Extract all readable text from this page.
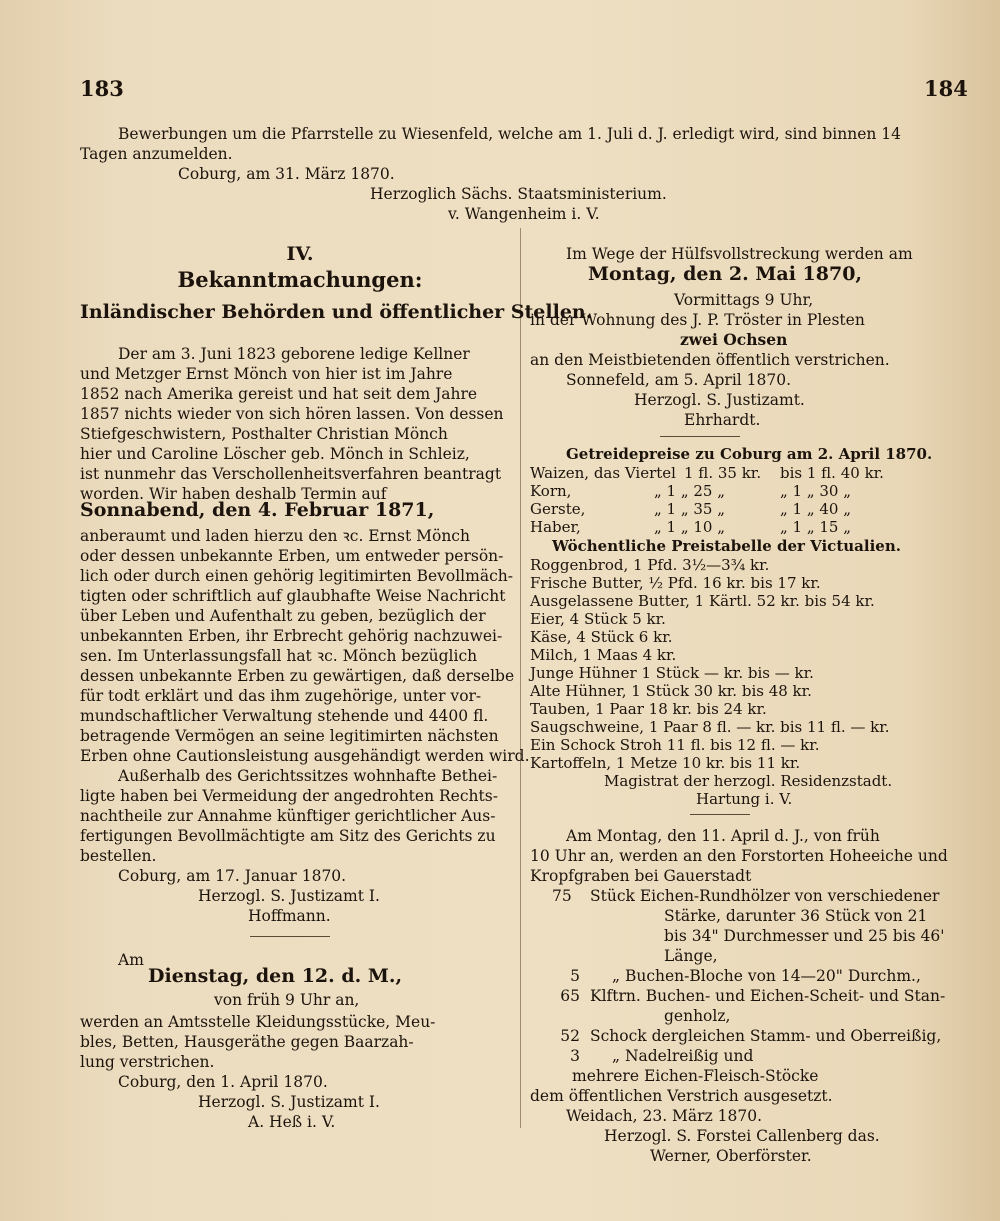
183	184
Bewerbungen um die Pfarrstelle zu Wiesenfeld, welche am 1. Juli d. J. erledigt wird, sind binnen 14
Tagen anzumelden.
Coburg, am 31. März 1870.
Herzoglich Sächs. Staatsministerium.
v. Wangenheim i. V.
IV.
Bekanntmachungen:
Inländischer Behörden und öffentlicher Stellen.
Der am 3. Juni 1823 geborene ledige Kellner
und Metzger Ernst Mönch von hier ist im Jahre
1852 nach Amerika gereist und hat seit dem Jahre
1857 nichts wieder von sich hören lassen. Von dessen
Stiefgeschwistern, Posthalter Christian Mönch
hier und Caroline Löscher geb. Mönch in Schleiz,
ist nunmehr das Verschollenheitsverfahren beantragt
worden. Wir haben deshalb Termin auf
Sonnabend, den 4. Februar 1871,
anberaumt und laden hierzu den ꝛc. Ernst Mönch
oder dessen unbekannte Erben, um entweder persön-
lich oder durch einen gehörig legitimirten Bevollmäch-
tigten oder schriftlich auf glaubhafte Weise Nachricht
über Leben und Aufenthalt zu geben, bezüglich der
unbekannten Erben, ihr Erbrecht gehörig nachzuwei-
sen. Im Unterlassungsfall hat ꝛc. Mönch bezüglich
dessen unbekannte Erben zu gewärtigen, daß derselbe
für todt erklärt und das ihm zugehörige, unter vor-
mundschaftlicher Verwaltung stehende und 4400 fl.
betragende Vermögen an seine legitimirten nächsten
Erben ohne Cautionsleistung ausgehändigt werden wird.
Außerhalb des Gerichtssitzes wohnhafte Bethei-
ligte haben bei Vermeidung der angedrohten Rechts-
nachtheile zur Annahme künftiger gerichtlicher Aus-
fertigungen Bevollmächtigte am Sitz des Gerichts zu
bestellen.
Coburg, am 17. Januar 1870.
Herzogl. S. Justizamt I.
Hoffmann.
Am
Dienstag, den 12. d. M.,
von früh 9 Uhr an,
werden an Amtsstelle Kleidungsstücke, Meu-
bles, Betten, Hausgeräthe gegen Baarzah-
lung verstrichen.
Coburg, den 1. April 1870.
Herzogl. S. Justizamt I.
A. Heß i. V.
Im Wege der Hülfsvollstreckung werden am
Montag, den 2. Mai 1870,
Vormittags 9 Uhr,
in der Wohnung des J. P. Tröster in Plesten
zwei Ochsen
an den Meistbietenden öffentlich verstrichen.
Sonnefeld, am 5. April 1870.
Herzogl. S. Justizamt.
Ehrhardt.
Getreidepreise zu Coburg am 2. April 1870.
Waizen, das Viertel 1 fl. 35 kr. bis 1 fl. 40 kr.
Korn,	„ 1 „ 25 „	„ 1 „ 30 „
Gerste,	„ 1 „ 35 „	„ 1 „ 40 „
Haber,	„ 1 „ 10 „	„ 1 „ 15 „
Wöchentliche Preistabelle der Victualien.
Roggenbrod, 1 Pfd. 3½—3¾ kr.
Frische Butter, ½ Pfd. 16 kr. bis 17 kr.
Ausgelassene Butter, 1 Kärtl. 52 kr. bis 54 kr.
Eier, 4 Stück 5 kr.
Käse, 4 Stück 6 kr.
Milch, 1 Maas 4 kr.
Junge Hühner 1 Stück — kr. bis — kr.
Alte Hühner, 1 Stück 30 kr. bis 48 kr.
Tauben, 1 Paar 18 kr. bis 24 kr.
Saugschweine, 1 Paar 8 fl. — kr. bis 11 fl. — kr.
Ein Schock Stroh 11 fl. bis 12 fl. — kr.
Kartoffeln, 1 Metze 10 kr. bis 11 kr.
Magistrat der herzogl. Residenzstadt.
Hartung i. V.
Am Montag, den 11. April d. J., von früh
10 Uhr an, werden an den Forstorten Hoheeiche und
Kropfgraben bei Gauerstadt
75	Stück Eichen-Rundhölzer von verschiedener
Stärke, darunter 36 Stück von 21
bis 34" Durchmesser und 25 bis 46'
Länge,
5 „ Buchen-Bloche von 14—20" Durchm.,
65 Klftrn. Buchen- und Eichen-Scheit- und Stan-
genholz,
52 Schock dergleichen Stamm- und Oberreißig,
3 „ Nadelreißig und
mehrere Eichen-Fleisch-Stöcke
dem öffentlichen Verstrich ausgesetzt.
Weidach, 23. März 1870.
Herzogl. S. Forstei Callenberg das.
Werner, Oberförster.
